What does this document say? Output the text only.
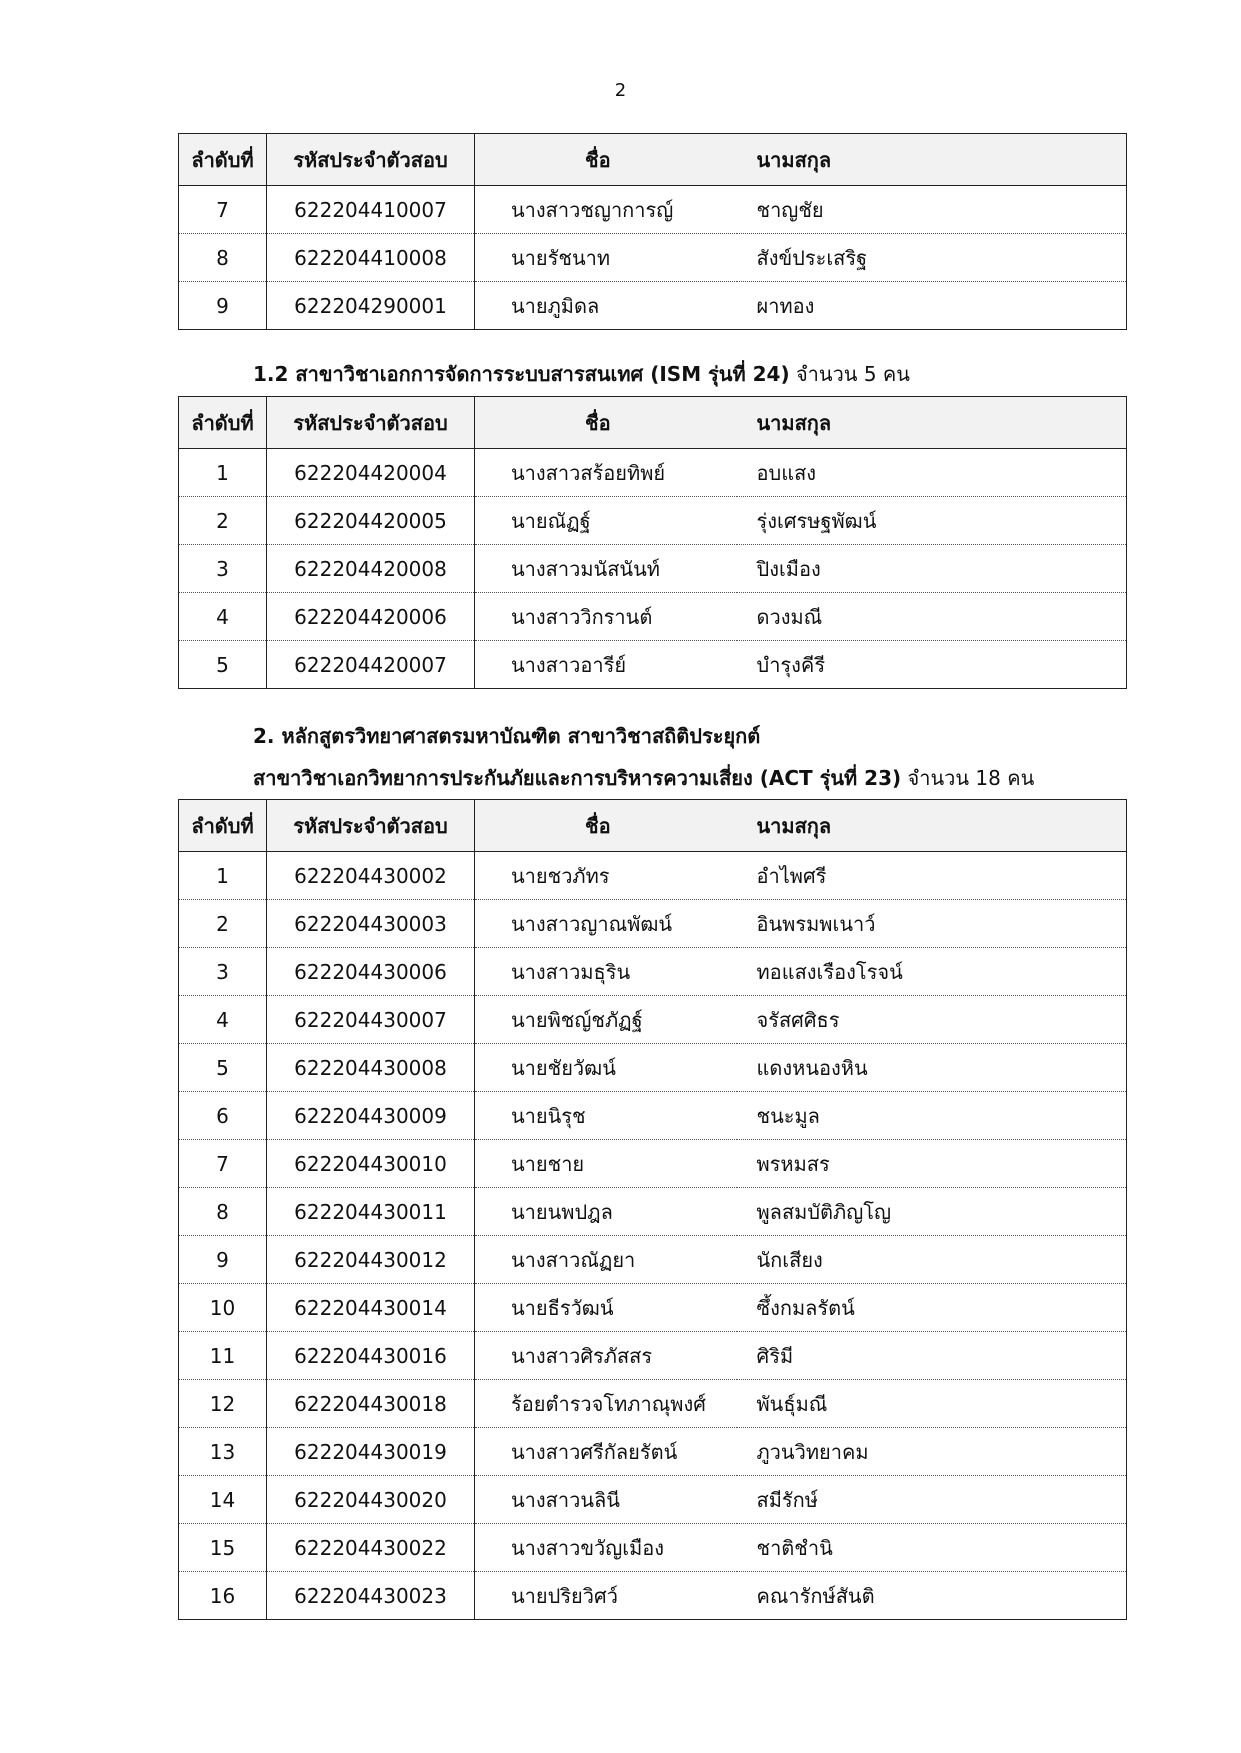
2
ลำดับที่	รหัสประจำตัวสอบ	ชื่อ	นามสกุล
7	622204410007	นางสาวชญาการญ์	ชาญชัย
8	622204410008	นายรัชนาท	สังข์ประเสริฐ
9	622204290001	นายภูมิดล	ผาทอง
1.2 สาขาวิชาเอกการจัดการระบบสารสนเทศ (ISM รุ่นที่ 24) จำนวน 5 คน
ลำดับที่	รหัสประจำตัวสอบ	ชื่อ	นามสกุล
1	622204420004	นางสาวสร้อยทิพย์	อบแสง
2	622204420005	นายณัฏฐ์	รุ่งเศรษฐพัฒน์
3	622204420008	นางสาวมนัสนันท์	ปิงเมือง
4	622204420006	นางสาววิกรานต์	ดวงมณี
5	622204420007	นางสาวอารีย์	บำรุงคีรี
2. หลักสูตรวิทยาศาสตรมหาบัณฑิต สาขาวิชาสถิติประยุกต์
สาขาวิชาเอกวิทยาการประกันภัยและการบริหารความเสี่ยง (ACT รุ่นที่ 23) จำนวน 18 คน
ลำดับที่	รหัสประจำตัวสอบ	ชื่อ	นามสกุล
1	622204430002	นายชวภัทร	อำไพศรี
2	622204430003	นางสาวญาณพัฒน์	อินพรมพเนาว์
3	622204430006	นางสาวมธุริน	ทอแสงเรืองโรจน์
4	622204430007	นายพิชญ์ชภัฏฐ์	จรัสศศิธร
5	622204430008	นายชัยวัฒน์	แดงหนองหิน
6	622204430009	นายนิรุช	ชนะมูล
7	622204430010	นายชาย	พรหมสร
8	622204430011	นายนพปฎล	พูลสมบัติภิญโญ
9	622204430012	นางสาวณัฏยา	นักเสียง
10	622204430014	นายธีรวัฒน์	ซึ้งกมลรัตน์
11	622204430016	นางสาวศิรภัสสร	ศิริมี
12	622204430018	ร้อยตำรวจโทภาณุพงศ์	พันธุ์มณี
13	622204430019	นางสาวศรีกัลยรัตน์	ภูวนวิทยาคม
14	622204430020	นางสาวนลินี	สมีรักษ์
15	622204430022	นางสาวขวัญเมือง	ชาติชำนิ
16	622204430023	นายปริยวิศว์	คณารักษ์สันติ
